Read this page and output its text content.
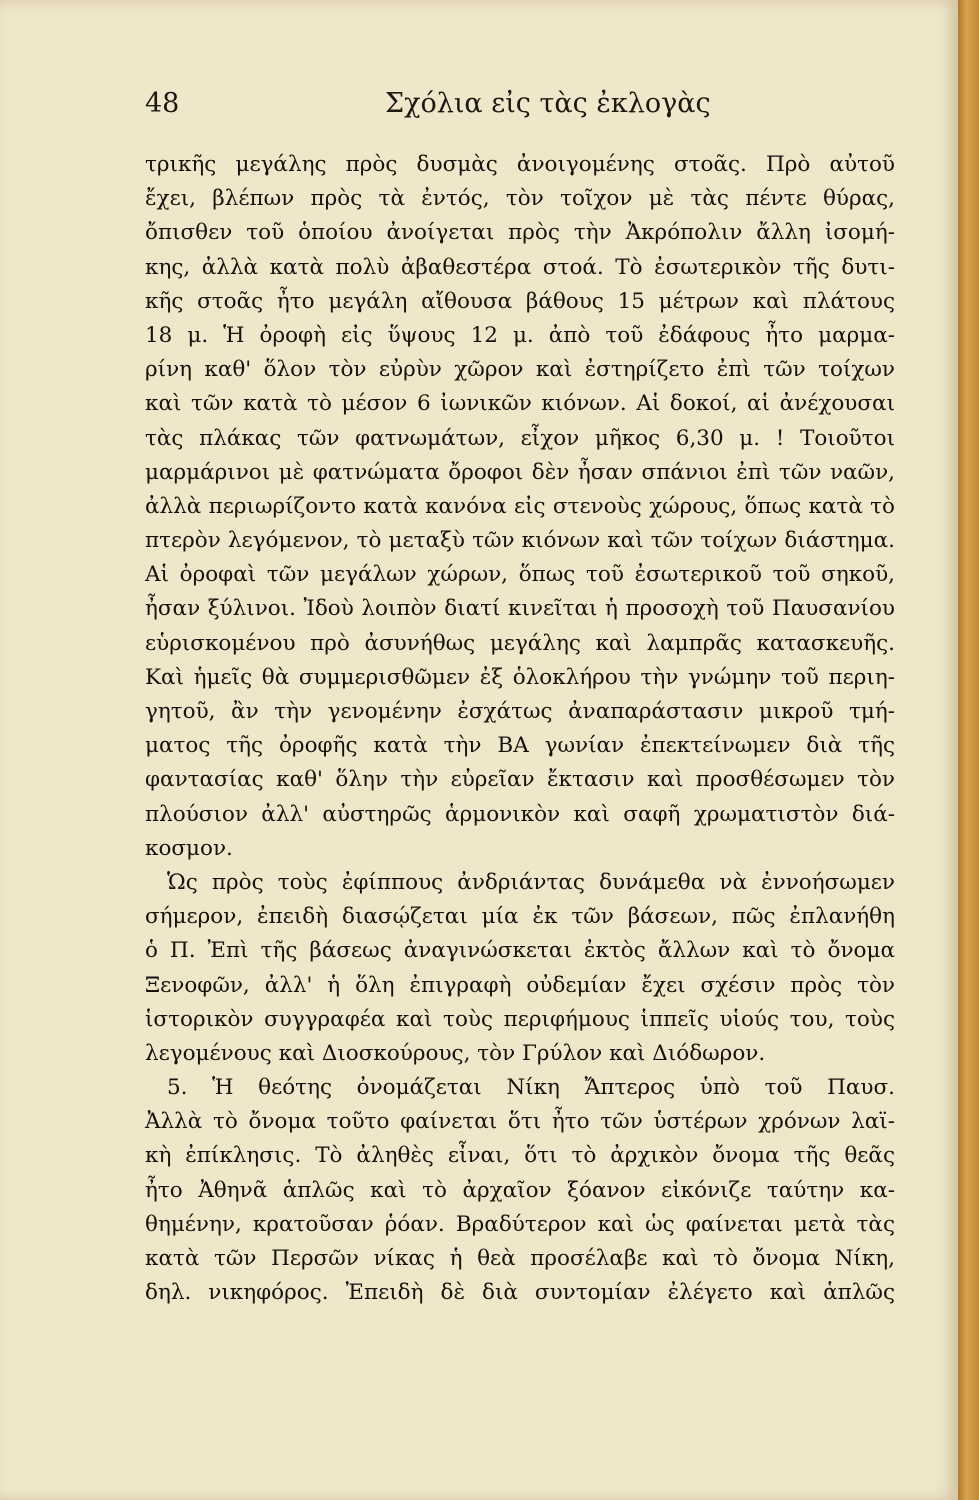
48	Σχόλια εἰς τὰς ἐκλογὰς
τρικῆς μεγάλης πρὸς δυσμὰς ἀνοιγομένης στοᾶς. Πρὸ αὐτοῦ
ἔχει, βλέπων πρὸς τὰ ἐντός, τὸν τοῖχον μὲ τὰς πέντε θύρας,
ὄπισθεν τοῦ ὁποίου ἀνοίγεται πρὸς τὴν Ἀκρόπολιν ἄλλη ἰσομή-
κης, ἀλλὰ κατὰ πολὺ ἀβαθεστέρα στοά. Τὸ ἐσωτερικὸν τῆς δυτι-
κῆς στοᾶς ἦτο μεγάλη αἴθουσα βάθους 15 μέτρων καὶ πλάτους
18 μ. Ἡ ὀροφὴ εἰς ὕψους 12 μ. ἀπὸ τοῦ ἐδάφους ἦτο μαρμα-
ρίνη καθ' ὅλον τὸν εὐρὺν χῶρον καὶ ἐστηρίζετο ἐπὶ τῶν τοίχων
καὶ τῶν κατὰ τὸ μέσον 6 ἰωνικῶν κιόνων. Αἱ δοκοί, αἱ ἀνέχουσαι
τὰς πλάκας τῶν φατνωμάτων, εἶχον μῆκος 6,30 μ. ! Τοιοῦτοι
μαρμάρινοι μὲ φατνώματα ὄροφοι δὲν ἦσαν σπάνιοι ἐπὶ τῶν ναῶν,
ἀλλὰ περιωρίζοντο κατὰ κανόνα εἰς στενοὺς χώρους, ὅπως κατὰ τὸ
πτερὸν λεγόμενον, τὸ μεταξὺ τῶν κιόνων καὶ τῶν τοίχων διάστημα.
Αἱ ὀροφαὶ τῶν μεγάλων χώρων, ὅπως τοῦ ἐσωτερικοῦ τοῦ σηκοῦ,
ἦσαν ξύλινοι. Ἰδοὺ λοιπὸν διατί κινεῖται ἡ προσοχὴ τοῦ Παυσανίου
εὑρισκομένου πρὸ ἀσυνήθως μεγάλης καὶ λαμπρᾶς κατασκευῆς.
Καὶ ἡμεῖς θὰ συμμερισθῶμεν ἐξ ὁλοκλήρου τὴν γνώμην τοῦ περιη-
γητοῦ, ἂν τὴν γενομένην ἐσχάτως ἀναπαράστασιν μικροῦ τμή-
ματος τῆς ὀροφῆς κατὰ τὴν ΒΑ γωνίαν ἐπεκτείνωμεν διὰ τῆς
φαντασίας καθ' ὅλην τὴν εὐρεῖαν ἔκτασιν καὶ προσθέσωμεν τὸν
πλούσιον ἀλλ' αὐστηρῶς ἁρμονικὸν καὶ σαφῆ χρωματιστὸν διά-
κοσμον.
Ὡς πρὸς τοὺς ἐφίππους ἀνδριάντας δυνάμεθα νὰ ἐννοήσωμεν
σήμερον, ἐπειδὴ διασῴζεται μία ἐκ τῶν βάσεων, πῶς ἐπλανήθη
ὁ Π. Ἐπὶ τῆς βάσεως ἀναγινώσκεται ἐκτὸς ἄλλων καὶ τὸ ὄνομα
Ξενοφῶν, ἀλλ' ἡ ὅλη ἐπιγραφὴ οὐδεμίαν ἔχει σχέσιν πρὸς τὸν
ἱστορικὸν συγγραφέα καὶ τοὺς περιφήμους ἱππεῖς υἱούς του, τοὺς
λεγομένους καὶ Διοσκούρους, τὸν Γρύλον καὶ Διόδωρον.
5. Ἡ θεότης ὀνομάζεται Νίκη Ἄπτερος ὑπὸ τοῦ Παυσ.
Ἀλλὰ τὸ ὄνομα τοῦτο φαίνεται ὅτι ἦτο τῶν ὑστέρων χρόνων λαϊ-
κὴ ἐπίκλησις. Τὸ ἀληθὲς εἶναι, ὅτι τὸ ἀρχικὸν ὄνομα τῆς θεᾶς
ἦτο Ἀθηνᾶ ἁπλῶς καὶ τὸ ἀρχαῖον ξόανον εἰκόνιζε ταύτην κα-
θημένην, κρατοῦσαν ῥόαν. Βραδύτερον καὶ ὡς φαίνεται μετὰ τὰς
κατὰ τῶν Περσῶν νίκας ἡ θεὰ προσέλαβε καὶ τὸ ὄνομα Νίκη,
δηλ. νικηφόρος. Ἐπειδὴ δὲ διὰ συντομίαν ἐλέγετο καὶ ἁπλῶς
